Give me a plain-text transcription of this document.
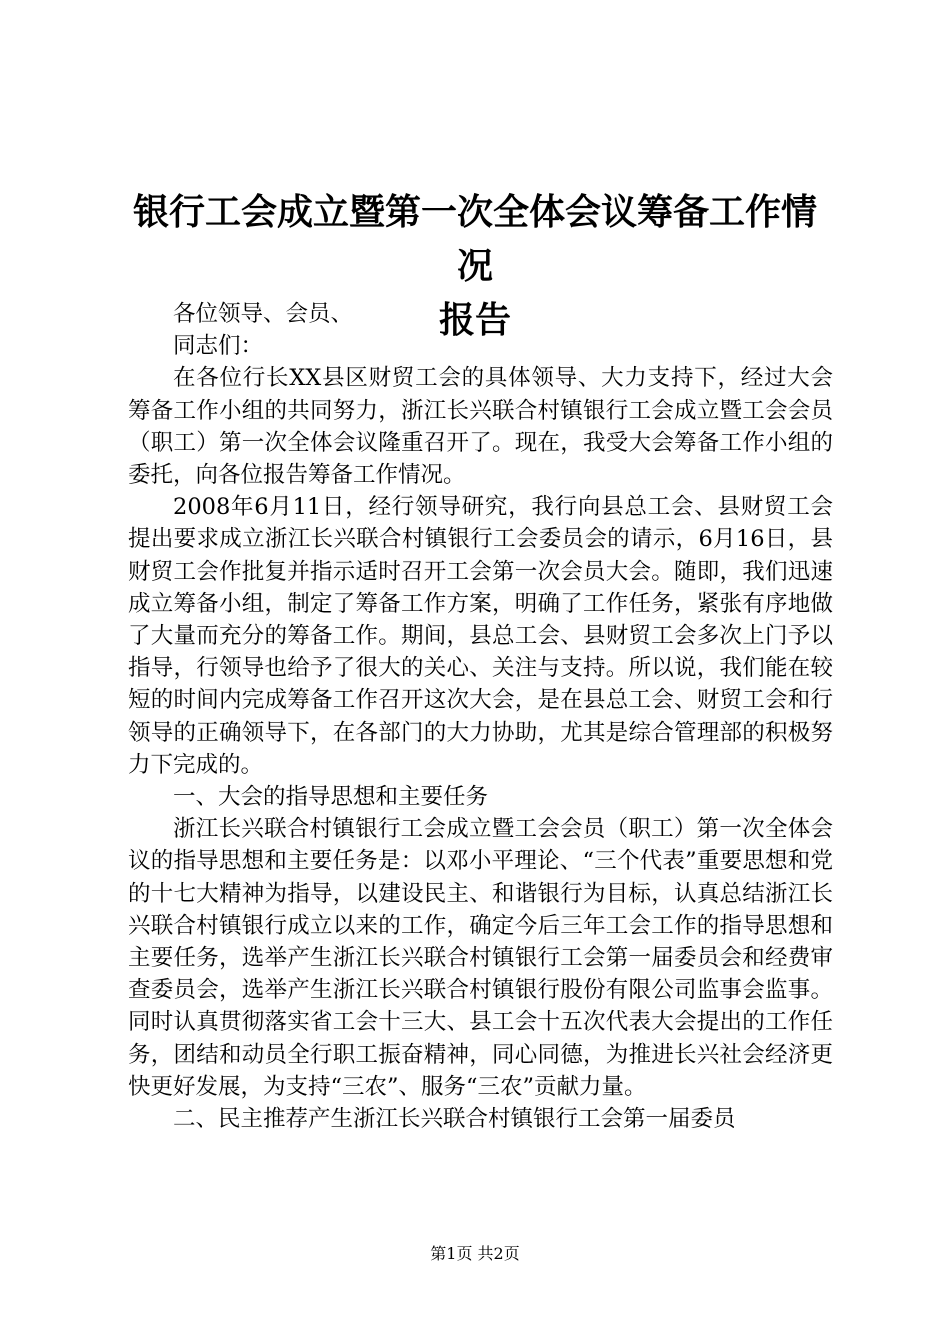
银行工会成立暨第一次全体会议筹备工作情况
报告

各位领导、会员、

同志们：

在各位行长XX县区财贸工会的具体领导、大力支持下，经过大会筹备工作小组的共同努力，浙江长兴联合村镇银行工会成立暨工会会员（职工）第一次全体会议隆重召开了。现在，我受大会筹备工作小组的委托，向各位报告筹备工作情况。

2008年6月11日，经行领导研究，我行向县总工会、县财贸工会提出要求成立浙江长兴联合村镇银行工会委员会的请示，6月16日，县财贸工会作批复并指示适时召开工会第一次会员大会。随即，我们迅速成立筹备小组，制定了筹备工作方案，明确了工作任务，紧张有序地做了大量而充分的筹备工作。期间，县总工会、县财贸工会多次上门予以指导，行领导也给予了很大的关心、关注与支持。所以说，我们能在较短的时间内完成筹备工作召开这次大会，是在县总工会、财贸工会和行领导的正确领导下，在各部门的大力协助，尤其是综合管理部的积极努力下完成的。

一、大会的指导思想和主要任务

浙江长兴联合村镇银行工会成立暨工会会员（职工）第一次全体会议的指导思想和主要任务是：以邓小平理论、“三个代表”重要思想和党的十七大精神为指导，以建设民主、和谐银行为目标，认真总结浙江长兴联合村镇银行成立以来的工作，确定今后三年工会工作的指导思想和主要任务，选举产生浙江长兴联合村镇银行工会第一届委员会和经费审查委员会，选举产生浙江长兴联合村镇银行股份有限公司监事会监事。同时认真贯彻落实省工会十三大、县工会十五次代表大会提出的工作任务，团结和动员全行职工振奋精神，同心同德，为推进长兴社会经济更快更好发展，为支持“三农”、服务“三农”贡献力量。

二、民主推荐产生浙江长兴联合村镇银行工会第一届委员

第1页 共2页
